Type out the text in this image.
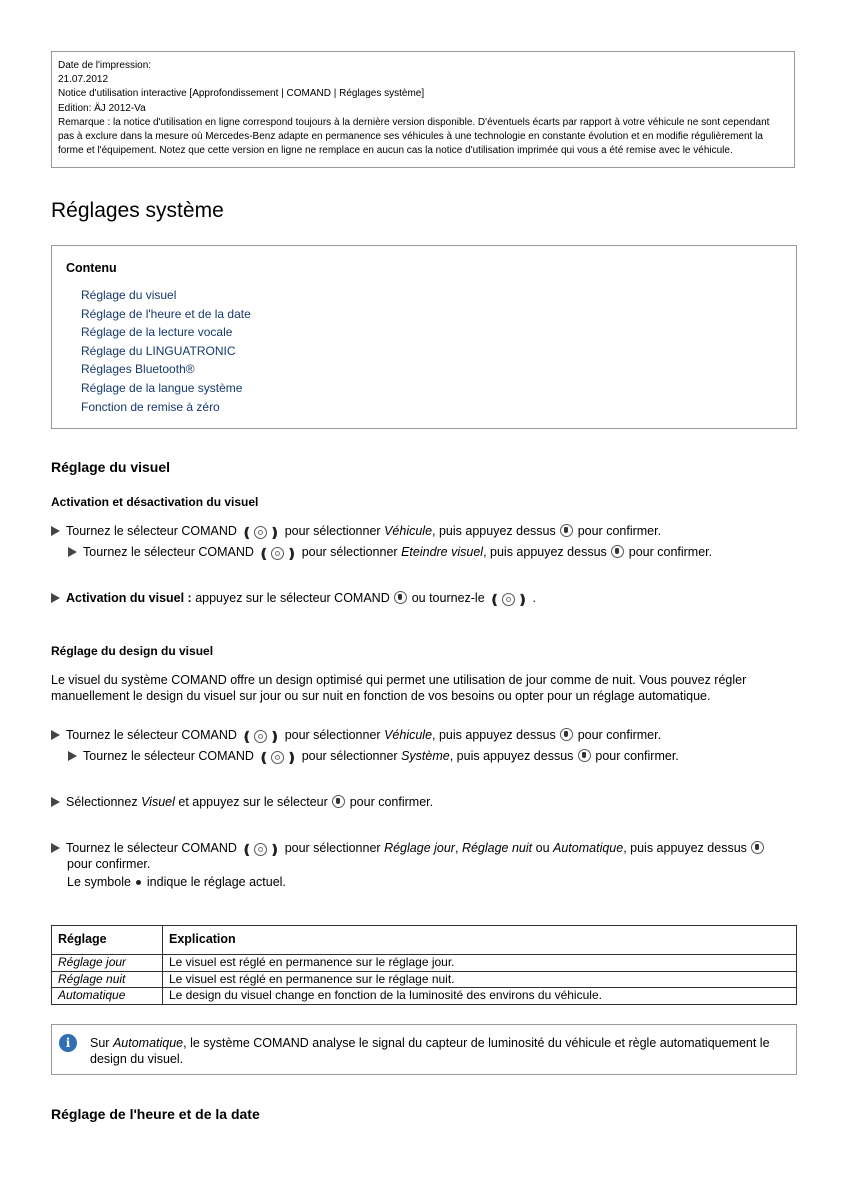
Date de l'impression:
21.07.2012
Notice d'utilisation interactive [Approfondissement | COMAND | Réglages système]
Edition: ÄJ 2012-Va
Remarque : la notice d'utilisation en ligne correspond toujours à la dernière version disponible. D'éventuels écarts par rapport à votre véhicule ne sont cependant pas à exclure dans la mesure où Mercedes-Benz adapte en permanence ses véhicules à une technologie en constante évolution et en modifie régulièrement la forme et l'équipement. Notez que cette version en ligne ne remplace en aucun cas la notice d'utilisation imprimée qui vous a été remise avec le véhicule.
Réglages système
Contenu
Réglage du visuel
Réglage de l'heure et de la date
Réglage de la lecture vocale
Réglage du LINGUATRONIC
Réglages Bluetooth®
Réglage de la langue système
Fonction de remise à zéro
Réglage du visuel
Activation et désactivation du visuel
Tournez le sélecteur COMAND ❪ ❫ pour sélectionner Véhicule, puis appuyez dessus pour confirmer.
Tournez le sélecteur COMAND ❪ ❫ pour sélectionner Eteindre visuel, puis appuyez dessus pour confirmer.
Activation du visuel : appuyez sur le sélecteur COMAND ou tournez-le ❪ ❫ .
Réglage du design du visuel
Le visuel du système COMAND offre un design optimisé qui permet une utilisation de jour comme de nuit. Vous pouvez régler manuellement le design du visuel sur jour ou sur nuit en fonction de vos besoins ou opter pour un réglage automatique.
Tournez le sélecteur COMAND ❪ ❫ pour sélectionner Véhicule, puis appuyez dessus pour confirmer.
Tournez le sélecteur COMAND ❪ ❫ pour sélectionner Système, puis appuyez dessus pour confirmer.
Sélectionnez Visuel et appuyez sur le sélecteur pour confirmer.
Tournez le sélecteur COMAND ❪ ❫ pour sélectionner Réglage jour, Réglage nuit ou Automatique, puis appuyez dessus
pour confirmer.
Le symbole indique le réglage actuel.
Réglage	Explication
Réglage jour	Le visuel est réglé en permanence sur le réglage jour.
Réglage nuit	Le visuel est réglé en permanence sur le réglage nuit.
Automatique	Le design du visuel change en fonction de la luminosité des environs du véhicule.
i	Sur Automatique, le système COMAND analyse le signal du capteur de luminosité du véhicule et règle automatiquement le design du visuel.
Réglage de l'heure et de la date
